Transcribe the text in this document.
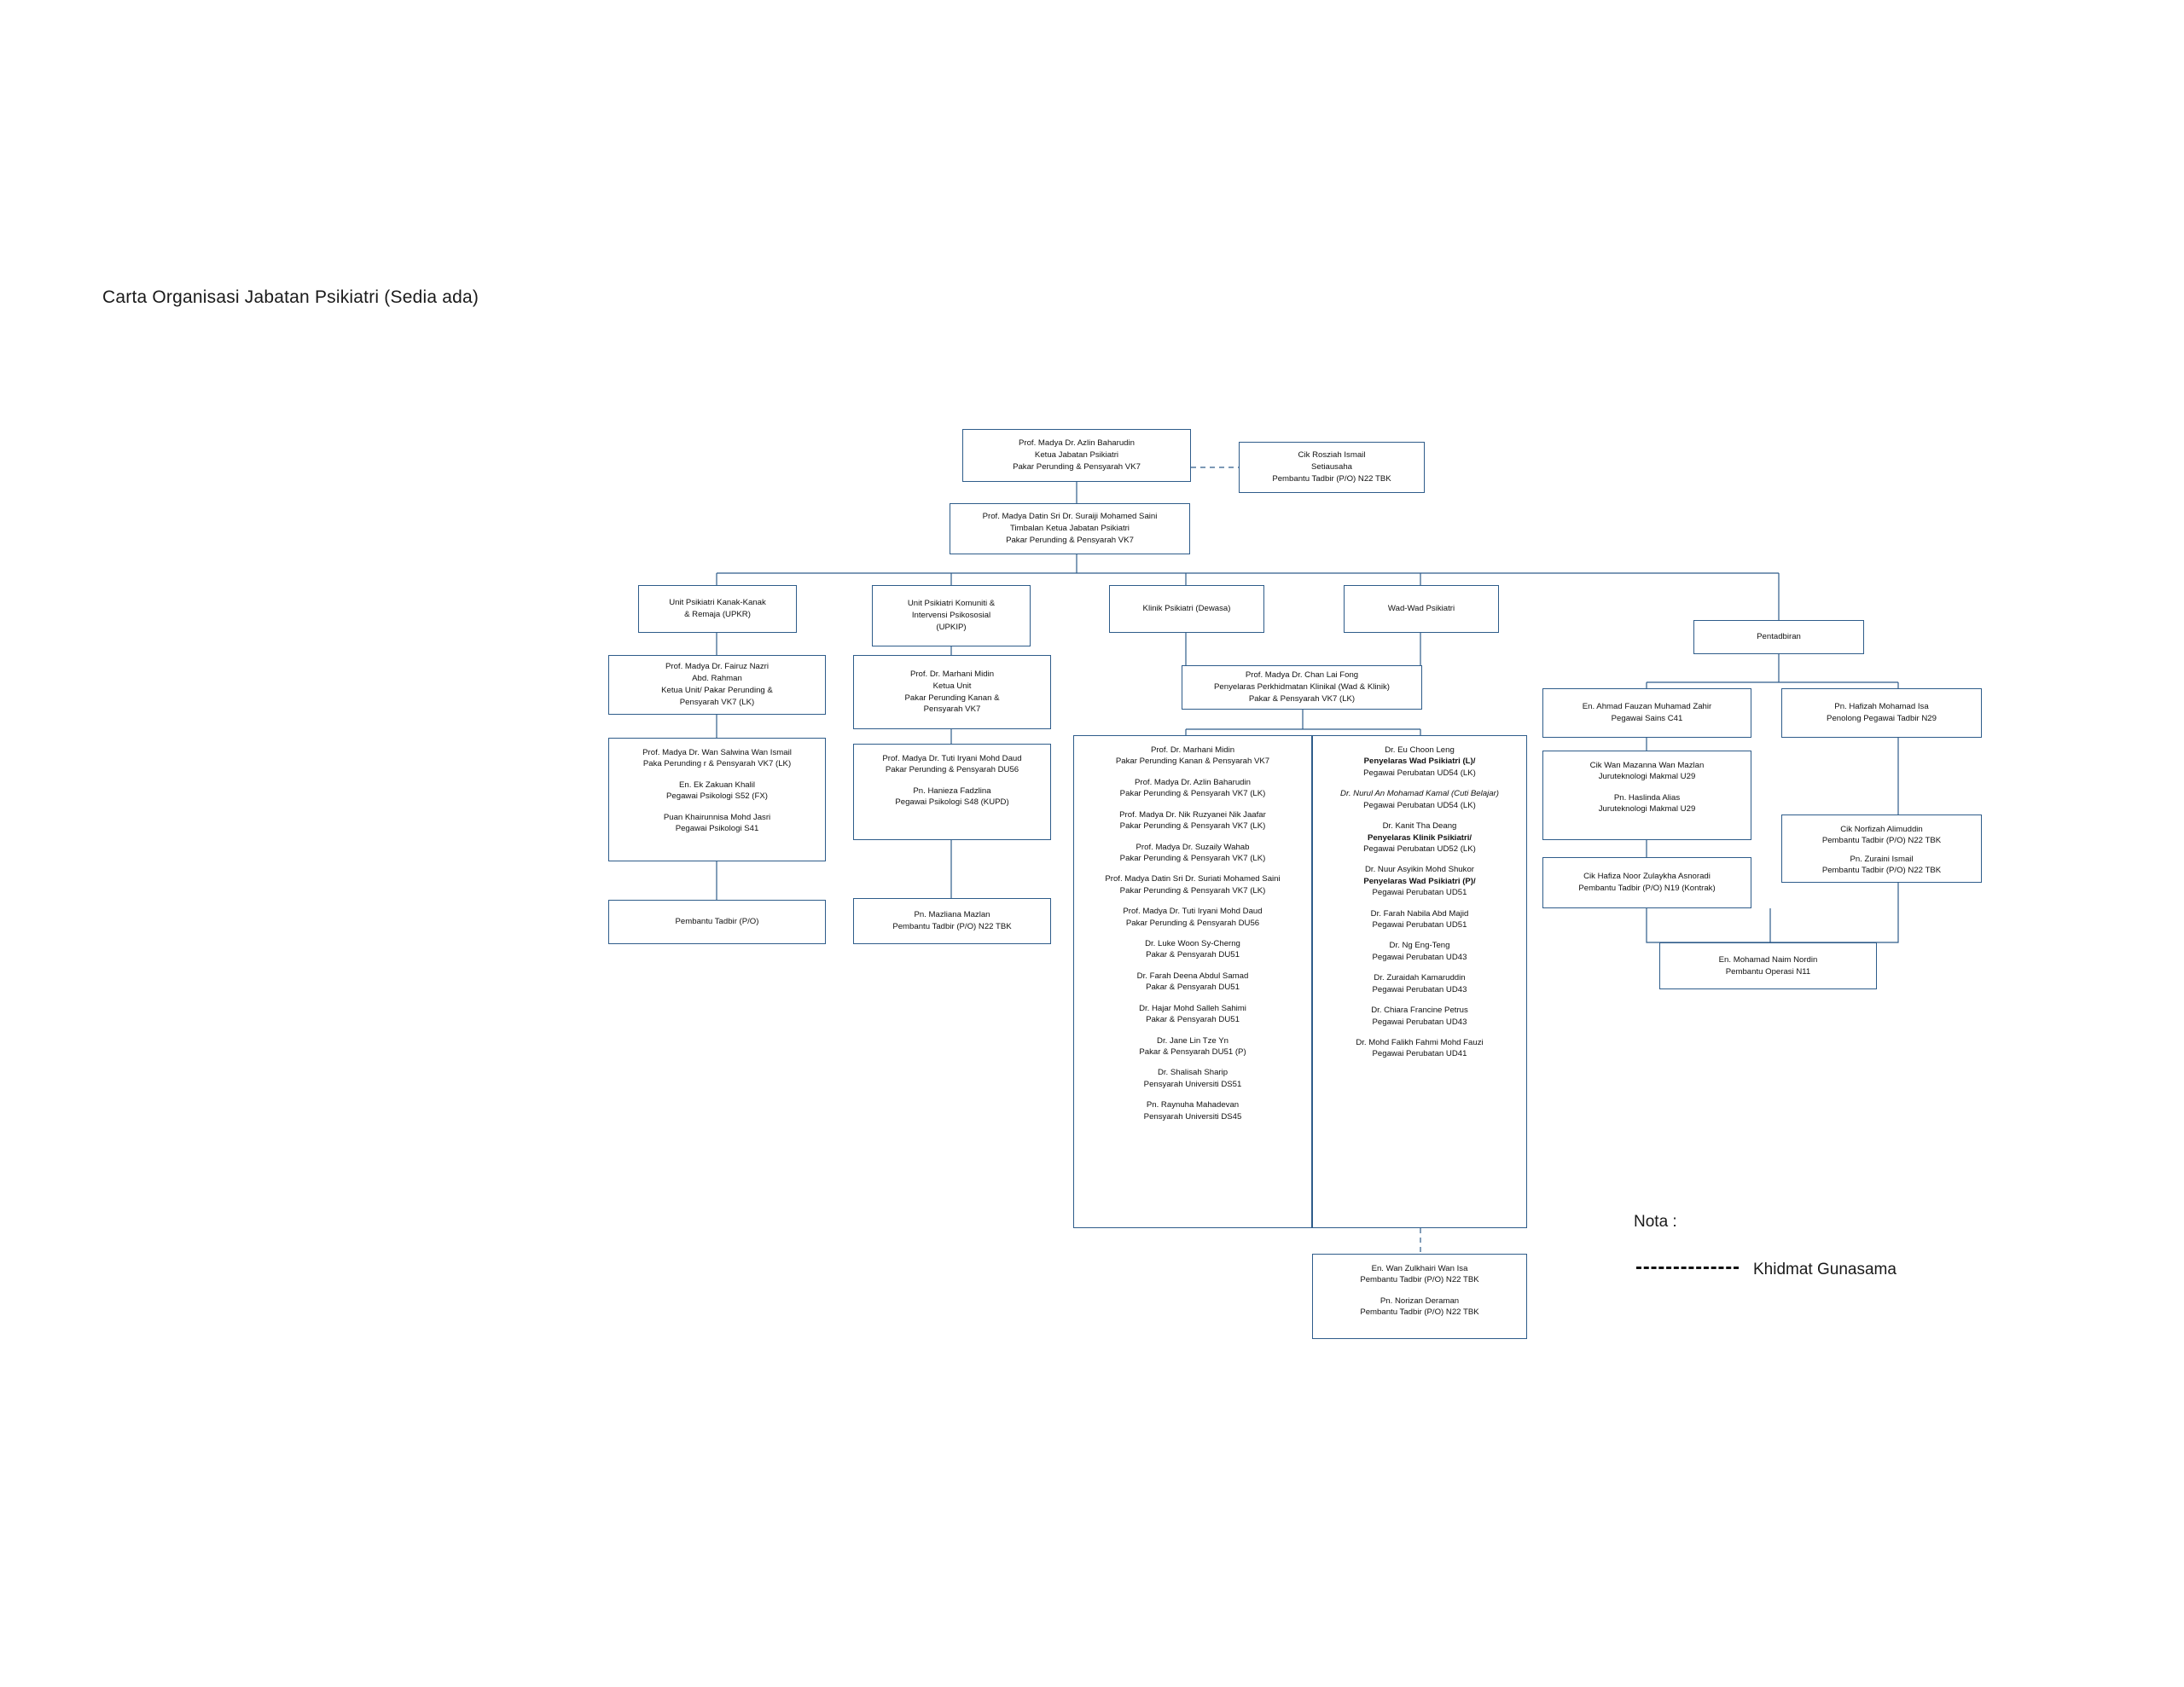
Carta Organisasi Jabatan Psikiatri (Sedia ada)
Prof. Madya Dr. Azlin Baharudin
Ketua Jabatan Psikiatri
Pakar Perunding & Pensyarah VK7
Cik Rosziah Ismail
Setiausaha
Pembantu Tadbir (P/O) N22 TBK
Prof. Madya Datin Sri Dr. Suraiji Mohamed Saini
Timbalan Ketua Jabatan Psikiatri
Pakar Perunding & Pensyarah VK7
Unit Psikiatri Kanak-Kanak
& Remaja (UPKR)
Unit Psikiatri Komuniti &
Intervensi Psikososial
(UPKIP)
Klinik Psikiatri (Dewasa)	Wad-Wad Psikiatri
Pentadbiran
Prof. Madya Dr. Fairuz Nazri
Abd. Rahman
Ketua Unit/ Pakar Perunding &
Pensyarah VK7 (LK)
Prof. Madya Dr. Wan Salwina Wan Ismail
Paka Perunding r & Pensyarah VK7 (LK)
En. Ek Zakuan Khalil
Pegawai Psikologi S52 (FX)
Puan Khairunnisa Mohd Jasri
Pegawai Psikologi S41
Pembantu Tadbir (P/O)
Prof. Dr. Marhani Midin
Ketua Unit
Pakar Perunding Kanan &
Pensyarah VK7
Prof. Madya Dr. Tuti Iryani Mohd Daud
Pakar Perunding & Pensyarah DU56
Pn. Hanieza Fadzlina
Pegawai Psikologi S48 (KUPD)
Pn. Mazliana Mazlan
Pembantu Tadbir (P/O) N22 TBK
Prof. Madya Dr. Chan Lai Fong
Penyelaras Perkhidmatan Klinikal (Wad & Klinik)
Pakar & Pensyarah VK7 (LK)
Prof. Dr. Marhani Midin
Pakar Perunding Kanan & Pensyarah VK7
Prof. Madya Dr. Azlin Baharudin
Pakar Perunding & Pensyarah VK7 (LK)
Prof. Madya Dr. Nik Ruzyanei Nik Jaafar
Pakar Perunding & Pensyarah VK7 (LK)
Prof. Madya Dr. Suzaily Wahab
Pakar Perunding & Pensyarah VK7 (LK)
Prof. Madya Datin Sri Dr. Suriati Mohamed Saini
Pakar Perunding & Pensyarah VK7 (LK)
Prof. Madya Dr. Tuti Iryani Mohd Daud
Pakar Perunding & Pensyarah DU56
Dr. Luke Woon Sy-Cherng
Pakar & Pensyarah DU51
Dr. Farah Deena Abdul Samad
Pakar & Pensyarah DU51
Dr. Hajar Mohd Salleh Sahimi
Pakar & Pensyarah DU51
Dr. Jane Lin Tze Yn
Pakar & Pensyarah DU51 (P)
Dr. Shalisah Sharip
Pensyarah Universiti DS51
Pn. Raynuha Mahadevan
Pensyarah Universiti DS45
Dr. Eu Choon Leng
Penyelaras Wad Psikiatri (L)/
Pegawai Perubatan UD54 (LK)
Dr. Nurul An Mohamad Kamal (Cuti Belajar)
Pegawai Perubatan UD54 (LK)
Dr. Kanit Tha Deang
Penyelaras Klinik Psikiatri/
Pegawai Perubatan UD52 (LK)
Dr. Nuur Asyikin Mohd Shukor
Penyelaras Wad Psikiatri (P)/
Pegawai Perubatan UD51
Dr. Farah Nabila Abd Majid
Pegawai Perubatan UD51
Dr. Ng Eng-Teng
Pegawai Perubatan UD43
Dr. Zuraidah Kamaruddin
Pegawai Perubatan UD43
Dr. Chiara Francine Petrus
Pegawai Perubatan UD43
Dr. Mohd Falikh Fahmi Mohd Fauzi
Pegawai Perubatan UD41
En. Wan Zulkhairi Wan Isa
Pembantu Tadbir (P/O) N22 TBK
Pn. Norizan Deraman
Pembantu Tadbir (P/O) N22 TBK
En. Ahmad Fauzan Muhamad Zahir
Pegawai Sains C41
Cik Wan Mazanna Wan Mazlan
Juruteknologi Makmal U29
Pn. Haslinda Alias
Juruteknologi Makmal U29
Cik Hafiza Noor Zulaykha Asnoradi
Pembantu Tadbir (P/O) N19 (Kontrak)
Pn. Hafizah Mohamad Isa
Penolong Pegawai Tadbir N29
Cik Norfizah Alimuddin
Pembantu Tadbir (P/O) N22 TBK
Pn. Zuraini Ismail
Pembantu Tadbir (P/O) N22 TBK
En. Mohamad Naim Nordin
Pembantu Operasi N11
Nota :
Khidmat Gunasama
